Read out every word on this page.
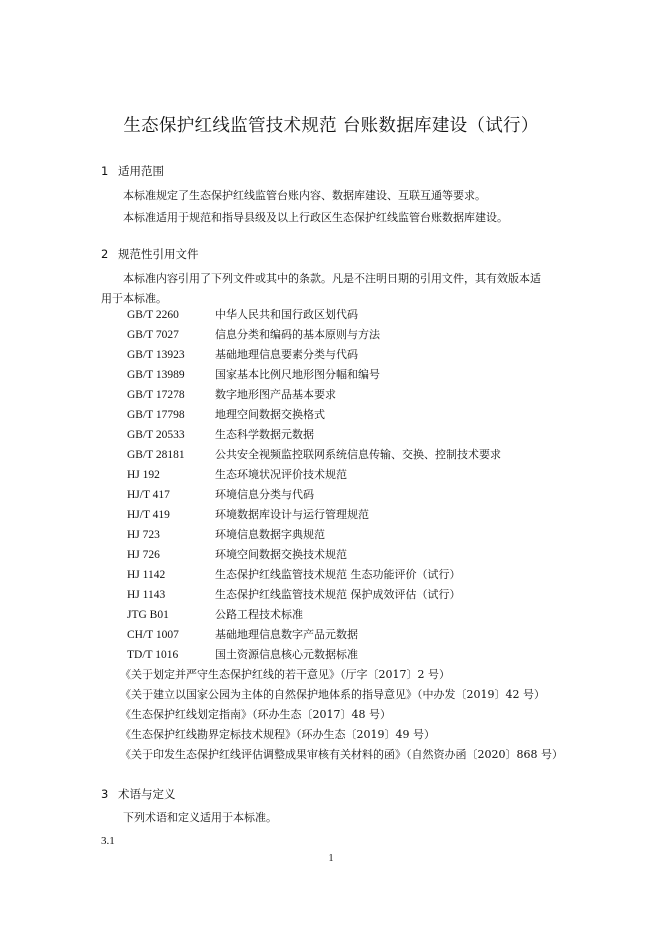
生态保护红线监管技术规范 台账数据库建设（试行）
1 适用范围
本标准规定了生态保护红线监管台账内容、数据库建设、互联互通等要求。
本标准适用于规范和指导县级及以上行政区生态保护红线监管台账数据库建设。
2 规范性引用文件
本标准内容引用了下列文件或其中的条款。凡是不注明日期的引用文件，其有效版本适
用于本标准。
GB/T 2260	中华人民共和国行政区划代码
GB/T 7027	信息分类和编码的基本原则与方法
GB/T 13923	基础地理信息要素分类与代码
GB/T 13989	国家基本比例尺地形图分幅和编号
GB/T 17278	数字地形图产品基本要求
GB/T 17798	地理空间数据交换格式
GB/T 20533	生态科学数据元数据
GB/T 28181	公共安全视频监控联网系统信息传输、交换、控制技术要求
HJ 192	生态环境状况评价技术规范
HJ/T 417	环境信息分类与代码
HJ/T 419	环境数据库设计与运行管理规范
HJ 723	环境信息数据字典规范
HJ 726	环境空间数据交换技术规范
HJ 1142	生态保护红线监管技术规范 生态功能评价（试行）
HJ 1143	生态保护红线监管技术规范 保护成效评估（试行）
JTG B01	公路工程技术标准
CH/T 1007	基础地理信息数字产品元数据
TD/T 1016	国土资源信息核心元数据标准
《关于划定并严守生态保护红线的若干意见》（厅字〔2017〕2 号）
《关于建立以国家公园为主体的自然保护地体系的指导意见》（中办发〔2019〕42 号）
《生态保护红线划定指南》（环办生态〔2017〕48 号）
《生态保护红线勘界定标技术规程》（环办生态〔2019〕49 号）
《关于印发生态保护红线评估调整成果审核有关材料的函》（自然资办函〔2020〕868 号）
3 术语与定义
下列术语和定义适用于本标准。
3.1
1
